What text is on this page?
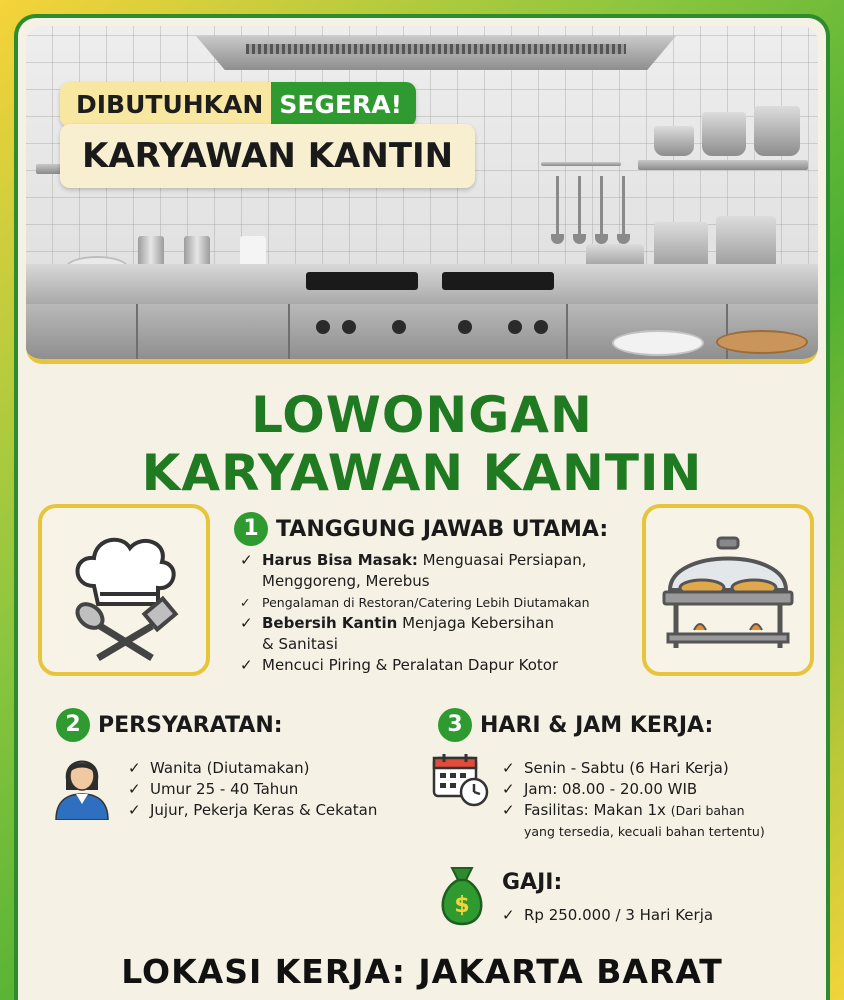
DIBUTUHKAN SEGERA!
KARYAWAN KANTIN
LOWONGAN
KARYAWAN KANTIN
1 TANGGUNG JAWAB UTAMA:
✓ Harus Bisa Masak: Menguasai Persiapan,
Menggoreng, Merebus
✓ Pengalaman di Restoran/Catering Lebih Diutamakan
✓ Bebersih Kantin Menjaga Kebersihan
& Sanitasi
✓ Mencuci Piring & Peralatan Dapur Kotor
2 PERSYARATAN:
✓ Wanita (Diutamakan)
✓ Umur 25 - 40 Tahun
✓ Jujur, Pekerja Keras & Cekatan
3 HARI & JAM KERJA:
✓ Senin - Sabtu (6 Hari Kerja)
✓ Jam: 08.00 - 20.00 WIB
✓ Fasilitas: Makan 1x (Dari bahan
yang tersedia, kecuali bahan tertentu)
$
GAJI:
✓ Rp 250.000 / 3 Hari Kerja
LOKASI KERJA: JAKARTA BARAT
